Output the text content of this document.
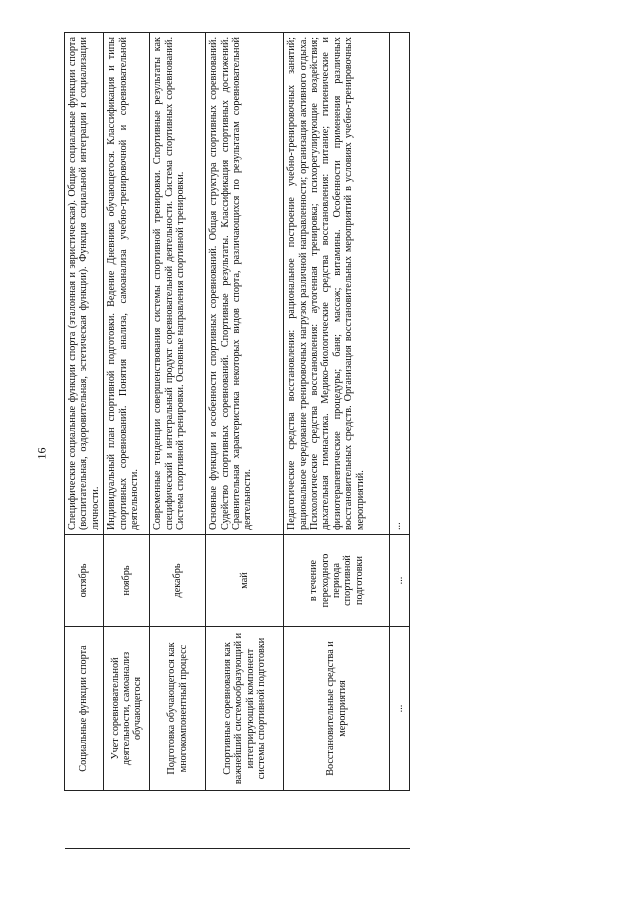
16
	Социальные функции спорта	октябрь	Специфические социальные функции спорта (эталонная и эвристическая). Общие социальные функции спорта (воспитательная, оздоровительная, эстетическая функции). Функция социальной интеграции и социализации личности.
	Учет соревновательной деятельности, самоанализ обучающегося	ноябрь	Индивидуальный план спортивной подготовки. Ведение Дневника обучающегося. Классификация и типы спортивных соревнований. Понятия анализа, самоанализа учебно-тренировочной и соревновательной деятельности.
	Подготовка обучающегося как многокомпонентный процесс	декабрь	Современные тенденции совершенствования системы спортивной тренировки. Спортивные результаты как специфический и интегральный продукт соревновательной деятельности. Система спортивных соревнований. Система спортивной тренировки. Основные направления спортивной тренировки.
	Спортивные соревнования как важнейший системообразующий и интегрирующий компонент системы спортивной подготовки	май	Основные функции и особенности спортивных соревнований. Общая структура спортивных соревнований. Судейство спортивных соревнований. Спортивные результаты. Классификация спортивных достижений. Сравнительная характеристика некоторых видов спорта, различающихся по результатам соревновательной деятельности.
	Восстановительные средства и мероприятия	в течение переходного периода спортивной подготовки	Педагогические средства восстановления: рациональное построение учебно-тренировочных занятий; рациональное чередование тренировочных нагрузок различной направленности; организация активного отдыха. Психологические средства восстановления: аутогенная тренировка; психорегулирующие воздействия; дыхательная гимнастика. Медико-биологические средства восстановления: питание; гигиенические и физиотерапевтические процедуры; баня; массаж; витамины. Особенности применения различных восстановительных средств. Организация восстановительных мероприятий в условиях учебно-тренировочных мероприятий.
	...	...	...
